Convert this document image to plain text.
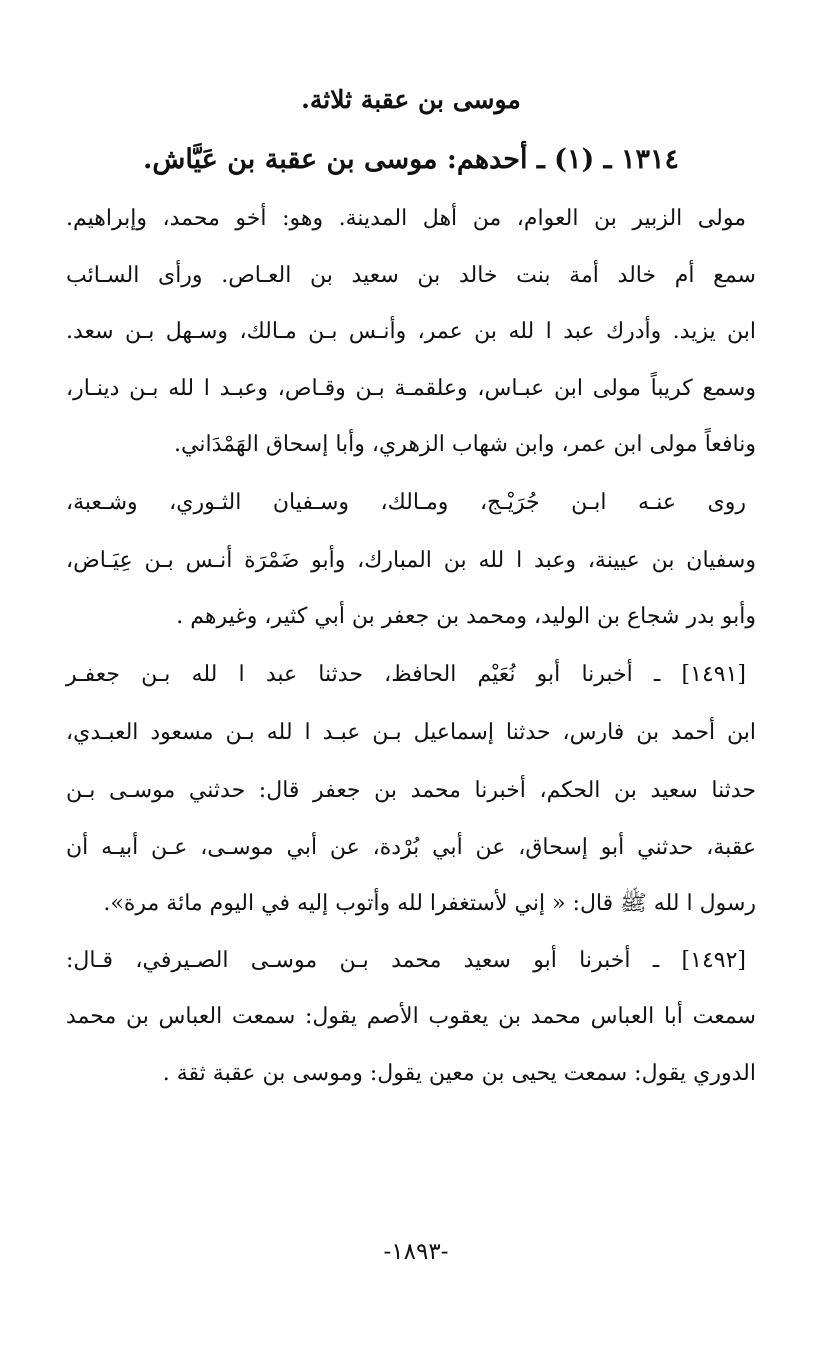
موسى بن عقبة ثلاثة.
١٣١٤ ـ (١) ـ أحدهم: موسى بن عقبة بن عَيَّاش.
مولى الزبير بن العوام، من أهل المدينة. وهو: أخو محمد، وإبراهيم.
سمع أم خالد أمة بنت خالد بن سعيد بن العـاص. ورأى السـائب
ابن يزيد. وأدرك عبد ا لله بن عمر، وأنـس بـن مـالك، وسـهل بـن سعد.
وسمع كريباً مولى ابن عبـاس، وعلقمـة بـن وقـاص، وعبـد ا لله بـن دينـار،
ونافعاً مولى ابن عمر، وابن شهاب الزهري، وأبا إسحاق الهَمْدَاني.
روى عنـه ابـن جُرَيْـج، ومـالك، وسـفيان الثـوري، وشـعبة،
وسفيان بن عيينة، وعبد ا لله بن المبارك، وأبو ضَمْرَة أنـس بـن عِيَـاض،
وأبو بدر شجاع بن الوليد، ومحمد بن جعفر بن أبي كثير، وغيرهم .
[١٤٩١] ـ أخبرنا أبو نُعَيْم الحافظ، حدثنا عبد ا لله بـن جعفـر
ابن أحمد بن فارس، حدثنا إسماعيل بـن عبـد ا لله بـن مسعود العبـدي،
حدثنا سعيد بن الحكم، أخبرنا محمد بن جعفر قال: حدثني موسـى بـن
عقبة، حدثني أبو إسحاق، عن أبي بُرْدة، عن أبي موسـى، عـن أبيـه أن
رسول ا لله ﷺ قال: « إني لأستغفرا لله وأتوب إليه في اليوم مائة مرة».
[١٤٩٢] ـ أخبرنا أبو سعيد محمد بـن موسـى الصـيرفي، قـال:
سمعت أبا العباس محمد بن يعقوب الأصم يقول: سمعت العباس بن محمد
الدوري يقول: سمعت يحيى بن معين يقول: وموسى بن عقبة ثقة .
-١٨٩٣-
